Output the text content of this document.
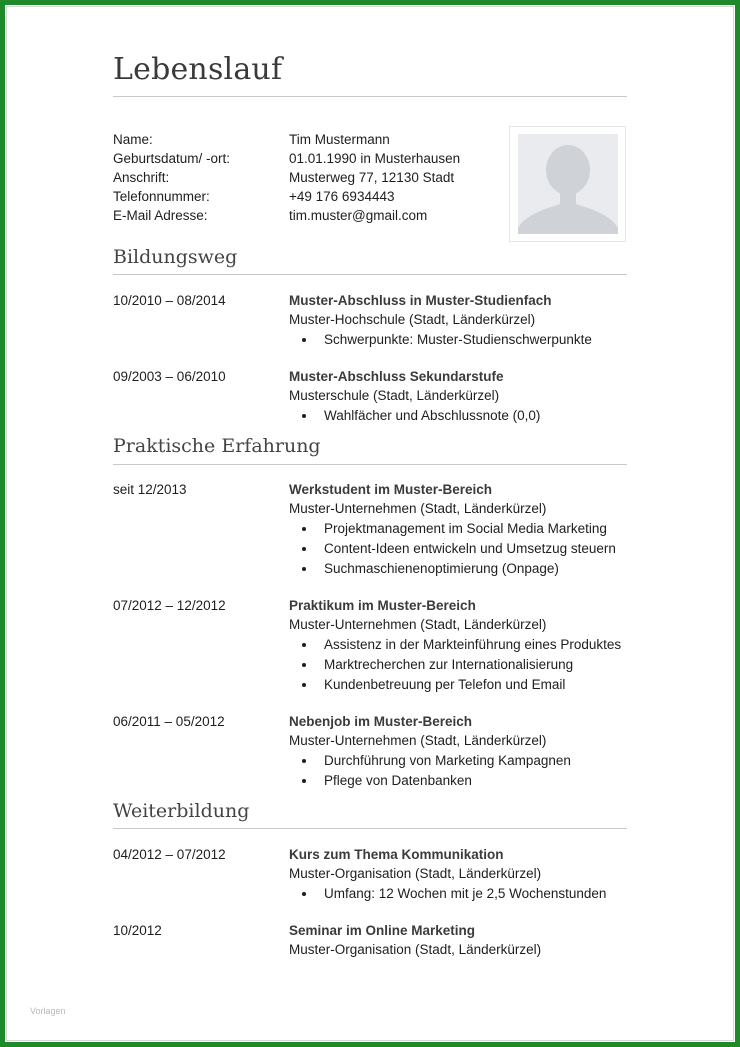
Lebenslauf
Name:	Tim Mustermann
Geburtsdatum/ -ort:	01.01.1990 in Musterhausen
Anschrift:	Musterweg 77, 12130 Stadt
Telefonnummer:	+49 176 6934443
E-Mail Adresse:	tim.muster@gmail.com
Bildungsweg
10/2010 – 08/2014	Muster-Abschluss in Muster-Studienfach
Muster-Hochschule (Stadt, Länderkürzel)
Schwerpunkte: Muster-Studienschwerpunkte
09/2003 – 06/2010	Muster-Abschluss Sekundarstufe
Musterschule (Stadt, Länderkürzel)
Wahlfächer und Abschlussnote (0,0)
Praktische Erfahrung
seit 12/2013	Werkstudent im Muster-Bereich
Muster-Unternehmen (Stadt, Länderkürzel)
Projektmanagement im Social Media Marketing
Content-Ideen entwickeln und Umsetzug steuern
Suchmaschienenoptimierung (Onpage)
07/2012 – 12/2012	Praktikum im Muster-Bereich
Muster-Unternehmen (Stadt, Länderkürzel)
Assistenz in der Markteinführung eines Produktes
Marktrecherchen zur Internationalisierung
Kundenbetreuung per Telefon und Email
06/2011 – 05/2012	Nebenjob im Muster-Bereich
Muster-Unternehmen (Stadt, Länderkürzel)
Durchführung von Marketing Kampagnen
Pflege von Datenbanken
Weiterbildung
04/2012 – 07/2012	Kurs zum Thema Kommunikation
Muster-Organisation (Stadt, Länderkürzel)
Umfang: 12 Wochen mit je 2,5 Wochenstunden
10/2012	Seminar im Online Marketing
Muster-Organisation (Stadt, Länderkürzel)
Vorlagen
